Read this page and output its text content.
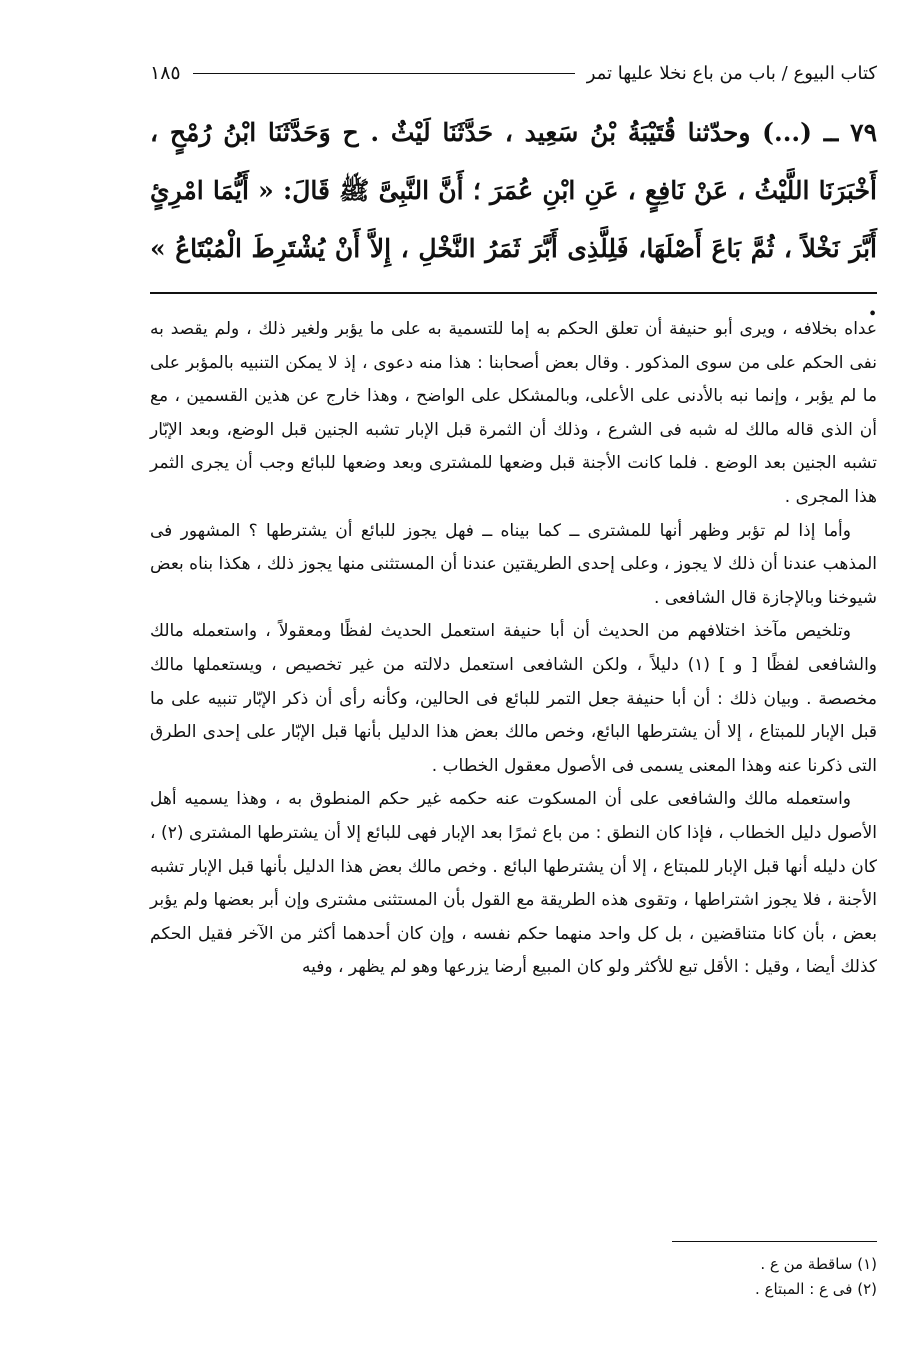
كتاب البيوع / باب من باع نخلا عليها تمر
١٨٥
٧٩ ــ (...) وحدّثنا قُتَيْبَةُ بْنُ سَعِيد ، حَدَّثَنَا لَيْثٌ . ح وَحَدَّثَنَا ابْنُ رُمْحٍ ، أَخْبَرَنَا اللَّيْثُ ، عَنْ نَافِعٍ ، عَنِ ابْنِ عُمَرَ ؛ أَنَّ النَّبِىَّ ﷺ قَالَ: « أَيُّمَا امْرِئٍ أَبَّرَ نَخْلاً ، ثُمَّ بَاعَ أَصْلَهَا، فَلِلَّذِى أَبَّرَ ثَمَرُ النَّخْلِ ، إِلاَّ أَنْ يُشْتَرِطَ الْمُبْتَاعُ » .

عداه بخلافه ، ويرى أبو حنيفة أن تعلق الحكم به إما للتسمية به على ما يؤبر ولغير ذلك ، ولم يقصد به نفى الحكم على من سوى المذكور . وقال بعض أصحابنا : هذا منه دعوى ، إذ لا يمكن التنبيه بالمؤبر على ما لم يؤبر ، وإنما نبه بالأدنى على الأعلى، وبالمشكل على الواضح ، وهذا خارج عن هذين القسمين ، مع أن الذى قاله مالك له شبه فى الشرع ، وذلك أن الثمرة قبل الإبار تشبه الجنين قبل الوضع، وبعد الإبّار تشبه الجنين بعد الوضع . فلما كانت الأجنة قبل وضعها للمشترى وبعد وضعها للبائع وجب أن يجرى الثمر هذا المجرى .

وأما إذا لم تؤبر وظهر أنها للمشترى ــ كما بيناه ــ فهل يجوز للبائع أن يشترطها ؟ المشهور فى المذهب عندنا أن ذلك لا يجوز ، وعلى إحدى الطريقتين عندنا أن المستثنى منها يجوز ذلك ، هكذا بناه بعض شيوخنا وبالإجازة قال الشافعى .

وتلخيص مآخذ اختلافهم من الحديث أن أبا حنيفة استعمل الحديث لفظًا ومعقولاً ، واستعمله مالك والشافعى لفظًا [ و ] (١) دليلاً ، ولكن الشافعى استعمل دلالته من غير تخصيص ، ويستعملها مالك مخصصة . وبيان ذلك : أن أبا حنيفة جعل التمر للبائع فى الحالين، وكأنه رأى أن ذكر الإبّار تنبيه على ما قبل الإبار للمبتاع ، إلا أن يشترطها البائع، وخص مالك بعض هذا الدليل بأنها قبل الإبّار على إحدى الطرق التى ذكرنا عنه وهذا المعنى يسمى فى الأصول معقول الخطاب .

واستعمله مالك والشافعى على أن المسكوت عنه حكمه غير حكم المنطوق به ، وهذا يسميه أهل الأصول دليل الخطاب ، فإذا كان النطق : من باع ثمرًا بعد الإبار فهى للبائع إلا أن يشترطها المشترى (٢) ، كان دليله أنها قبل الإبار للمبتاع ، إلا أن يشترطها البائع . وخص مالك بعض هذا الدليل بأنها قبل الإبار تشبه الأجنة ، فلا يجوز اشتراطها ، وتقوى هذه الطريقة مع القول بأن المستثنى مشترى وإن أبر بعضها ولم يؤبر بعض ، بأن كانا متناقضين ، بل كل واحد منهما حكم نفسه ، وإن كان أحدهما أكثر من الآخر فقيل الحكم كذلك أيضا ، وقيل : الأقل تبع للأكثر ولو كان المبيع أرضا يزرعها وهو لم يظهر ، وفيه

(١) ساقطة من ع .
(٢) فى ع : المبتاع .
